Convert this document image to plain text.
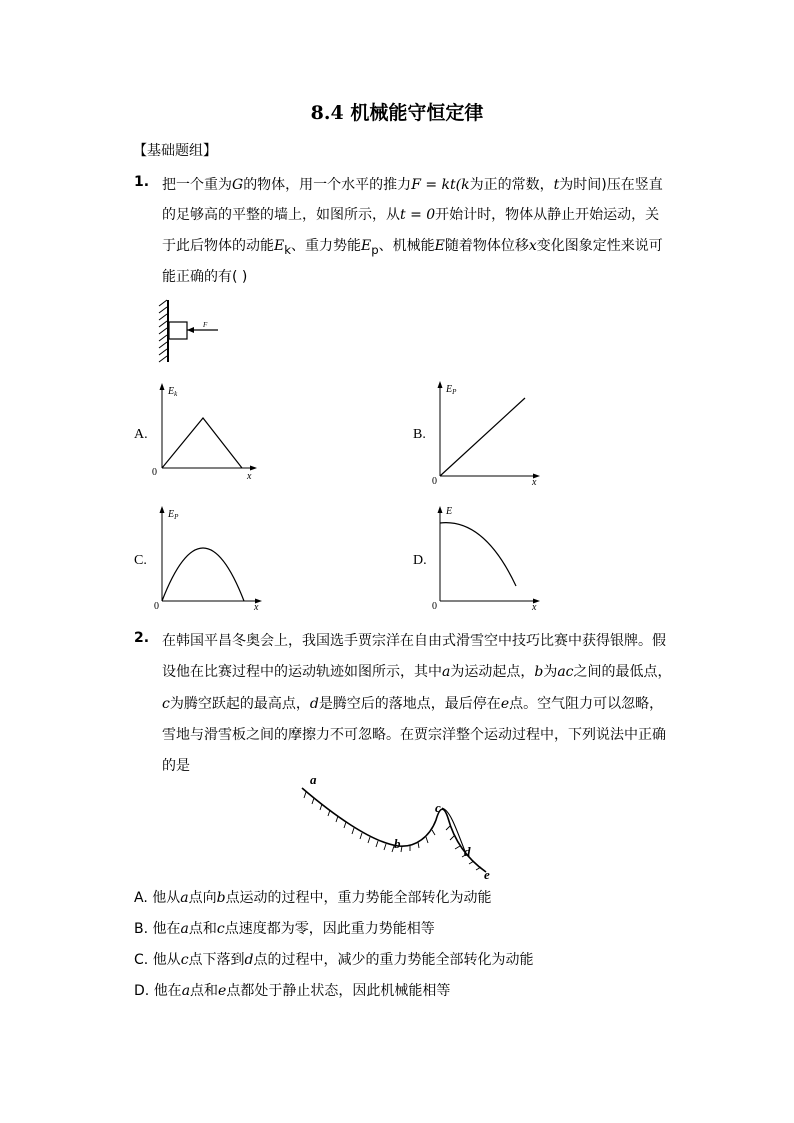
8.4 机械能守恒定律
【基础题组】
1. 把一个重为G的物体，用一个水平的推力F = kt(k为正的常数，t为时间)压在竖直
的足够高的平整的墙上，如图所示，从t = 0开始计时，物体从静止开始运动，关
于此后物体的动能$E_k$、重力势能$E_p$、机械能E随着物体位移x变化图象定性来说可
能正确的有( )
F
A.
$E_k$
0	x
B.
$E_P$
0	x
C.
$E_P$
0	x
D.
E
0	x
2. 在韩国平昌冬奥会上，我国选手贾宗洋在自由式滑雪空中技巧比赛中获得银牌。假
设他在比赛过程中的运动轨迹如图所示，其中a为运动起点，b为ac之间的最低点，
c为腾空跃起的最高点，d是腾空后的落地点，最后停在e点。空气阻力可以忽略，
雪地与滑雪板之间的摩擦力不可忽略。在贾宗洋整个运动过程中，下列说法中正确
的是
a
b
c
d
e
A. 他从a点向b点运动的过程中，重力势能全部转化为动能
B. 他在a点和c点速度都为零，因此重力势能相等
C. 他从c点下落到d点的过程中，减少的重力势能全部转化为动能
D. 他在a点和e点都处于静止状态，因此机械能相等
